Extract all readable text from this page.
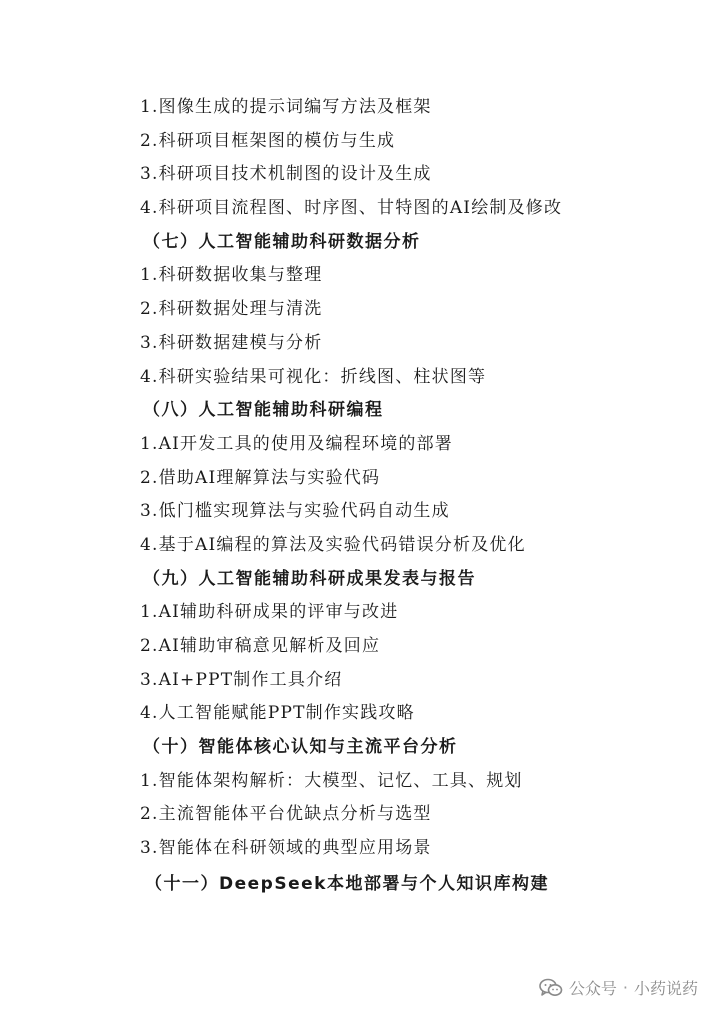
1.图像生成的提示词编写方法及框架
2.科研项目框架图的模仿与生成
3.科研项目技术机制图的设计及生成
4.科研项目流程图、时序图、甘特图的AI绘制及修改
（七）人工智能辅助科研数据分析
1.科研数据收集与整理
2.科研数据处理与清洗
3.科研数据建模与分析
4.科研实验结果可视化：折线图、柱状图等
（八）人工智能辅助科研编程
1.AI开发工具的使用及编程环境的部署
2.借助AI理解算法与实验代码
3.低门槛实现算法与实验代码自动生成
4.基于AI编程的算法及实验代码错误分析及优化
（九）人工智能辅助科研成果发表与报告
1.AI辅助科研成果的评审与改进
2.AI辅助审稿意见解析及回应
3.AI+PPT制作工具介绍
4.人工智能赋能PPT制作实践攻略
（十）智能体核心认知与主流平台分析
1.智能体架构解析：大模型、记忆、工具、规划
2.主流智能体平台优缺点分析与选型
3.智能体在科研领域的典型应用场景
（十一）DeepSeek本地部署与个人知识库构建
公众号 · 小药说药
